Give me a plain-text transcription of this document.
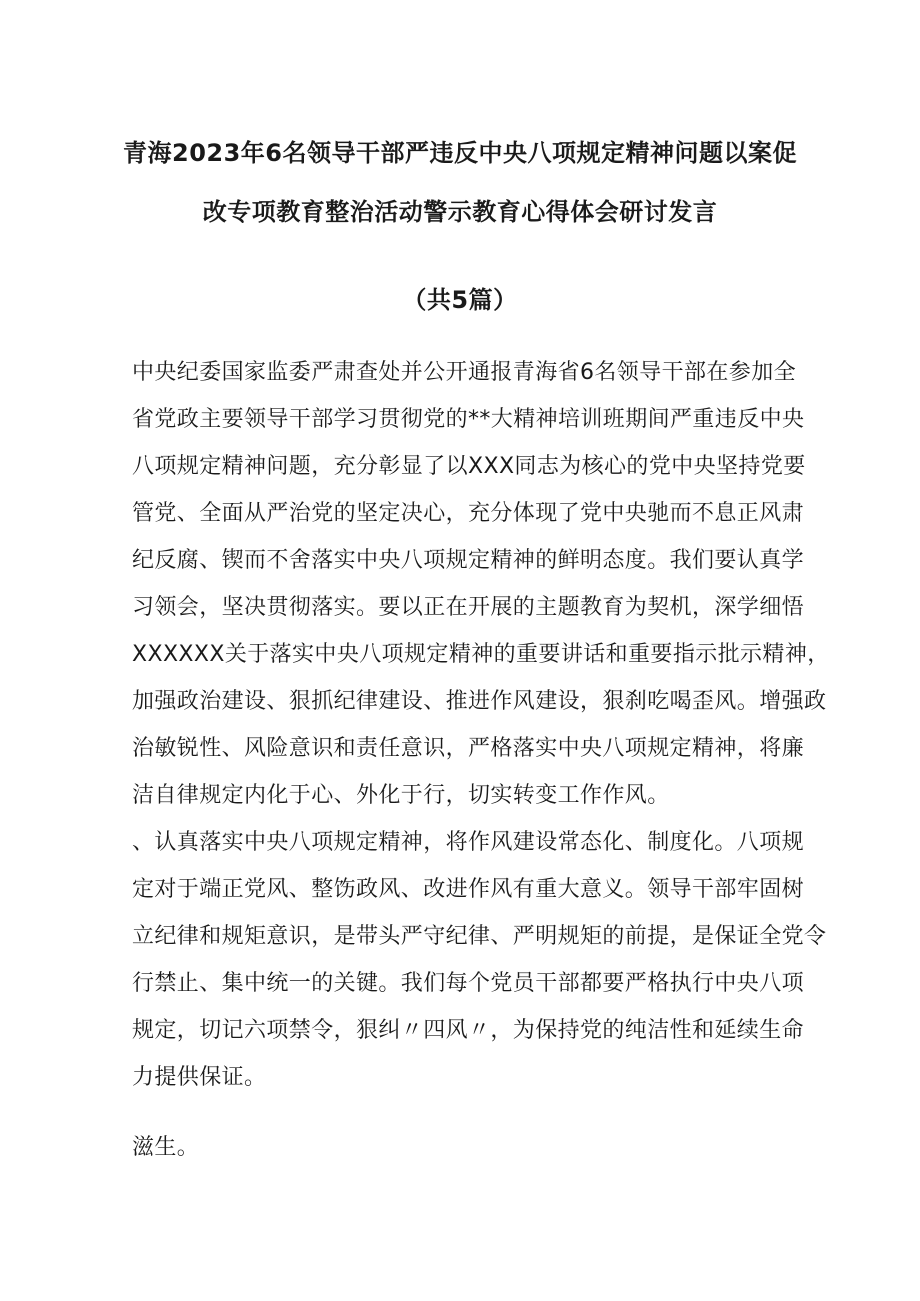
青海2023年6名领导干部严违反中央八项规定精神问题以案促
改专项教育整治活动警示教育心得体会研讨发言
（共5篇）
中央纪委国家监委严肃查处并公开通报青海省6名领导干部在参加全
省党政主要领导干部学习贯彻党的**大精神培训班期间严重违反中央
八项规定精神问题，充分彰显了以XXX同志为核心的党中央坚持党要
管党、全面从严治党的坚定决心，充分体现了党中央驰而不息正风肃
纪反腐、锲而不舍落实中央八项规定精神的鲜明态度。我们要认真学
习领会，坚决贯彻落实。要以正在开展的主题教育为契机，深学细悟
XXXXXX关于落实中央八项规定精神的重要讲话和重要指示批示精神，
加强政治建设、狠抓纪律建设、推进作风建设，狠刹吃喝歪风。增强政
治敏锐性、风险意识和责任意识，严格落实中央八项规定精神，将廉
洁自律规定内化于心、外化于行，切实转变工作作风。
、认真落实中央八项规定精神，将作风建设常态化、制度化。八项规
定对于端正党风、整饬政风、改进作风有重大意义。领导干部牢固树
立纪律和规矩意识，是带头严守纪律、严明规矩的前提，是保证全党令
行禁止、集中统一的关键。我们每个党员干部都要严格执行中央八项
规定，切记六项禁令，狠纠〃四风〃，为保持党的纯洁性和延续生命
力提供保证。
滋生。
